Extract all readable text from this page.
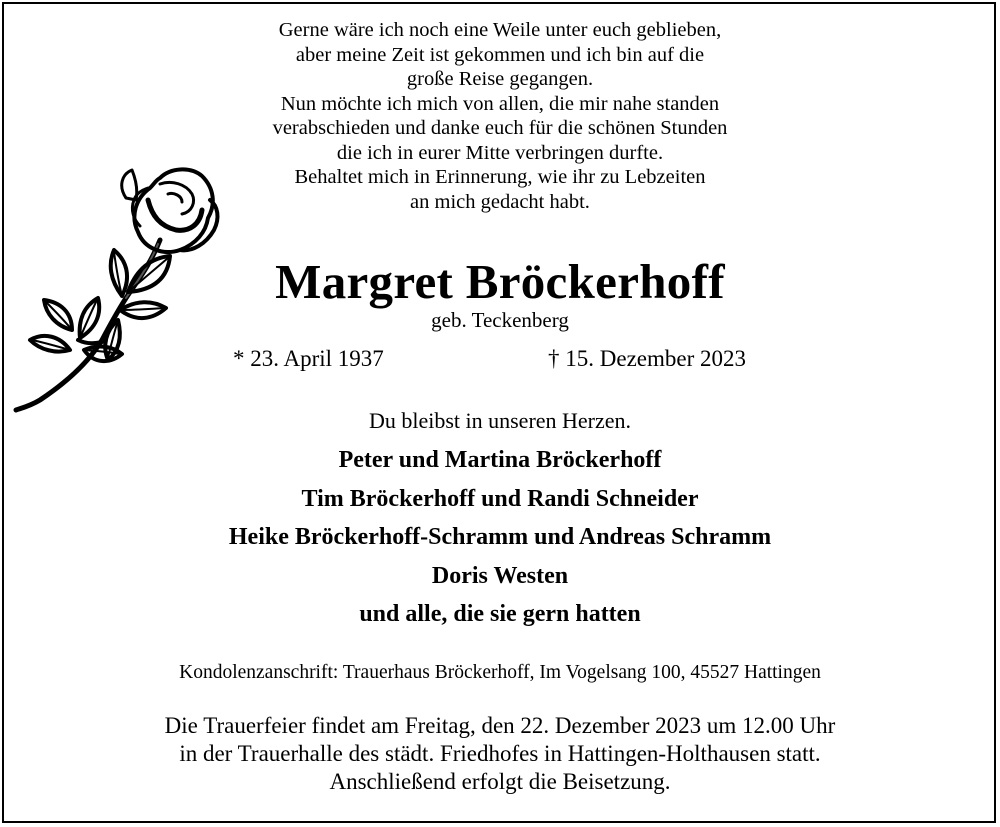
Gerne wäre ich noch eine Weile unter euch geblieben,
aber meine Zeit ist gekommen und ich bin auf die
große Reise gegangen.
Nun möchte ich mich von allen, die mir nahe standen
verabschieden und danke euch für die schönen Stunden
die ich in eurer Mitte verbringen durfte.
Behaltet mich in Erinnerung, wie ihr zu Lebzeiten
an mich gedacht habt.
Margret Bröckerhoff
geb. Teckenberg
* 23. April 1937	† 15. Dezember 2023
Du bleibst in unseren Herzen.
Peter und Martina Bröckerhoff
Tim Bröckerhoff und Randi Schneider
Heike Bröckerhoff-Schramm und Andreas Schramm
Doris Westen
und alle, die sie gern hatten
Kondolenzanschrift: Trauerhaus Bröckerhoff, Im Vogelsang 100, 45527 Hattingen
Die Trauerfeier findet am Freitag, den 22. Dezember 2023 um 12.00 Uhr
in der Trauerhalle des städt. Friedhofes in Hattingen-Holthausen statt.
Anschließend erfolgt die Beisetzung.
